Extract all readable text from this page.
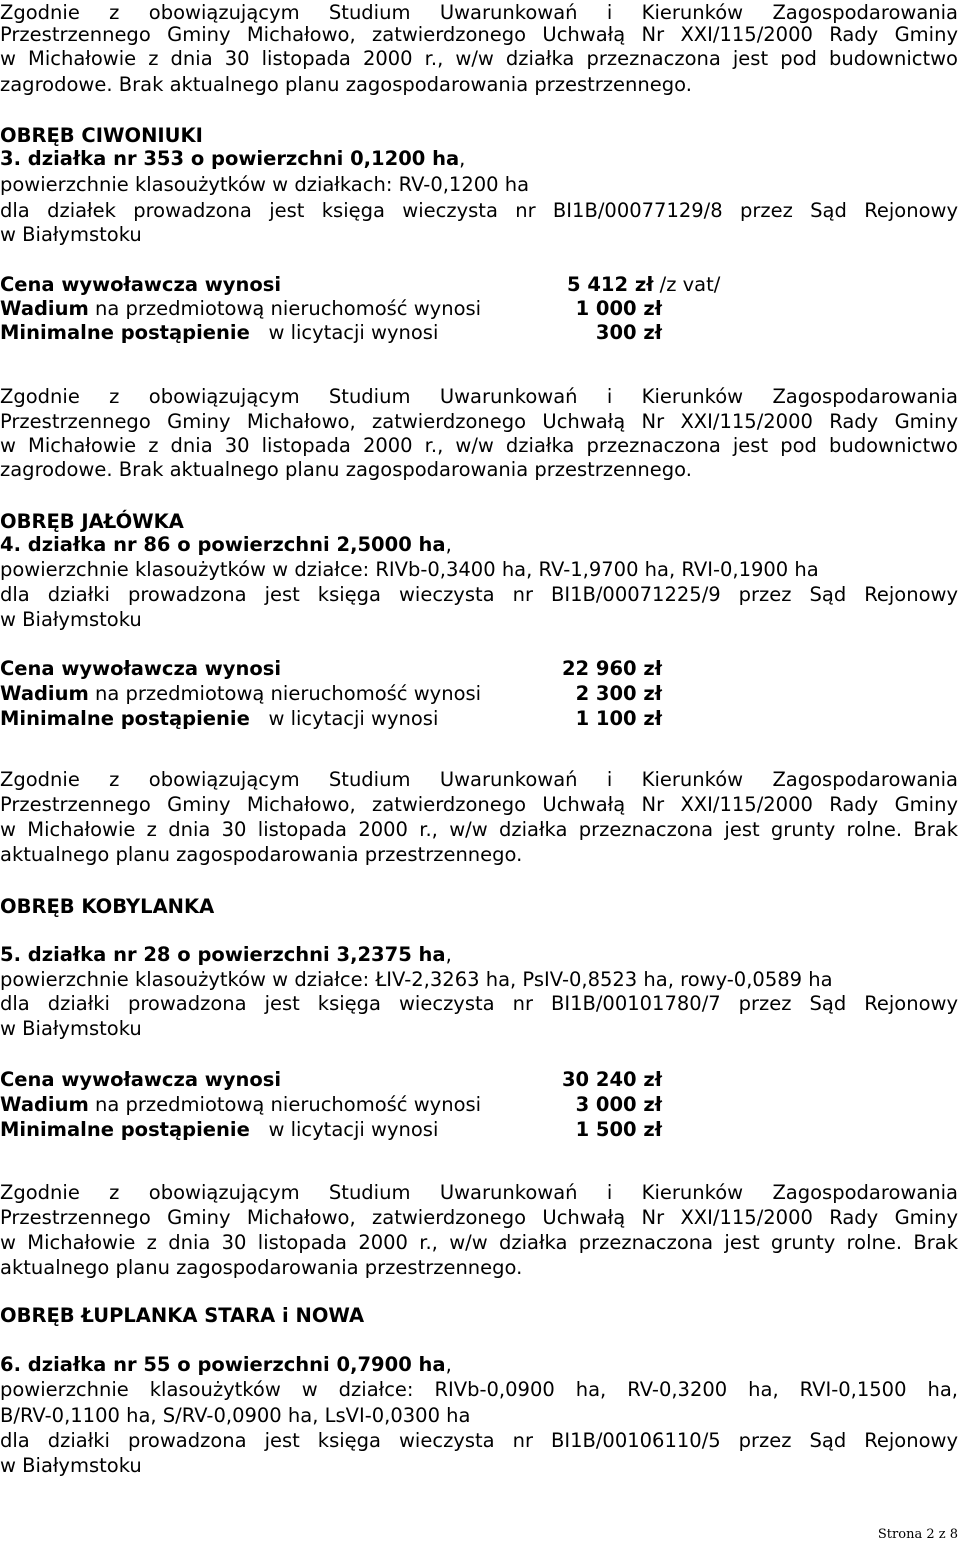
Zgodnie z obowiązującym Studium Uwarunkowań i Kierunków Zagospodarowania
Przestrzennego Gminy Michałowo, zatwierdzonego Uchwałą Nr XXI/115/2000 Rady Gminy
w Michałowie z dnia 30 listopada 2000 r., w/w działka przeznaczona jest pod budownictwo
zagrodowe. Brak aktualnego planu zagospodarowania przestrzennego.
OBRĘB CIWONIUKI
3. działka nr 353 o powierzchni 0,1200 ha,
powierzchnie klasoużytków w działkach: RV-0,1200 ha
dla działek prowadzona jest księga wieczysta nr BI1B/00077129/8 przez Sąd Rejonowy
w Białymstoku
Cena wywoławcza wynosi	5 412 zł /z vat/
Wadium na przedmiotową nieruchomość wynosi	1 000 zł
Minimalne postąpienie w licytacji wynosi	300 zł
Zgodnie z obowiązującym Studium Uwarunkowań i Kierunków Zagospodarowania
Przestrzennego Gminy Michałowo, zatwierdzonego Uchwałą Nr XXI/115/2000 Rady Gminy
w Michałowie z dnia 30 listopada 2000 r., w/w działka przeznaczona jest pod budownictwo
zagrodowe. Brak aktualnego planu zagospodarowania przestrzennego.
OBRĘB JAŁÓWKA
4. działka nr 86 o powierzchni 2,5000 ha,
powierzchnie klasoużytków w działce: RIVb-0,3400 ha, RV-1,9700 ha, RVI-0,1900 ha
dla działki prowadzona jest księga wieczysta nr BI1B/00071225/9 przez Sąd Rejonowy
w Białymstoku
Cena wywoławcza wynosi	22 960 zł
Wadium na przedmiotową nieruchomość wynosi	2 300 zł
Minimalne postąpienie w licytacji wynosi	1 100 zł
Zgodnie z obowiązującym Studium Uwarunkowań i Kierunków Zagospodarowania
Przestrzennego Gminy Michałowo, zatwierdzonego Uchwałą Nr XXI/115/2000 Rady Gminy
w Michałowie z dnia 30 listopada 2000 r., w/w działka przeznaczona jest grunty rolne. Brak
aktualnego planu zagospodarowania przestrzennego.
OBRĘB KOBYLANKA
5. działka nr 28 o powierzchni 3,2375 ha,
powierzchnie klasoużytków w działce: ŁIV-2,3263 ha, PsIV-0,8523 ha, rowy-0,0589 ha
dla działki prowadzona jest księga wieczysta nr BI1B/00101780/7 przez Sąd Rejonowy
w Białymstoku
Cena wywoławcza wynosi	30 240 zł
Wadium na przedmiotową nieruchomość wynosi	3 000 zł
Minimalne postąpienie w licytacji wynosi	1 500 zł
Zgodnie z obowiązującym Studium Uwarunkowań i Kierunków Zagospodarowania
Przestrzennego Gminy Michałowo, zatwierdzonego Uchwałą Nr XXI/115/2000 Rady Gminy
w Michałowie z dnia 30 listopada 2000 r., w/w działka przeznaczona jest grunty rolne. Brak
aktualnego planu zagospodarowania przestrzennego.
OBRĘB ŁUPLANKA STARA i NOWA
6. działka nr 55 o powierzchni 0,7900 ha,
powierzchnie klasoużytków w działce: RIVb-0,0900 ha, RV-0,3200 ha, RVI-0,1500 ha,
B/RV-0,1100 ha, S/RV-0,0900 ha, LsVI-0,0300 ha
dla działki prowadzona jest księga wieczysta nr BI1B/00106110/5 przez Sąd Rejonowy
w Białymstoku
Strona 2 z 8
